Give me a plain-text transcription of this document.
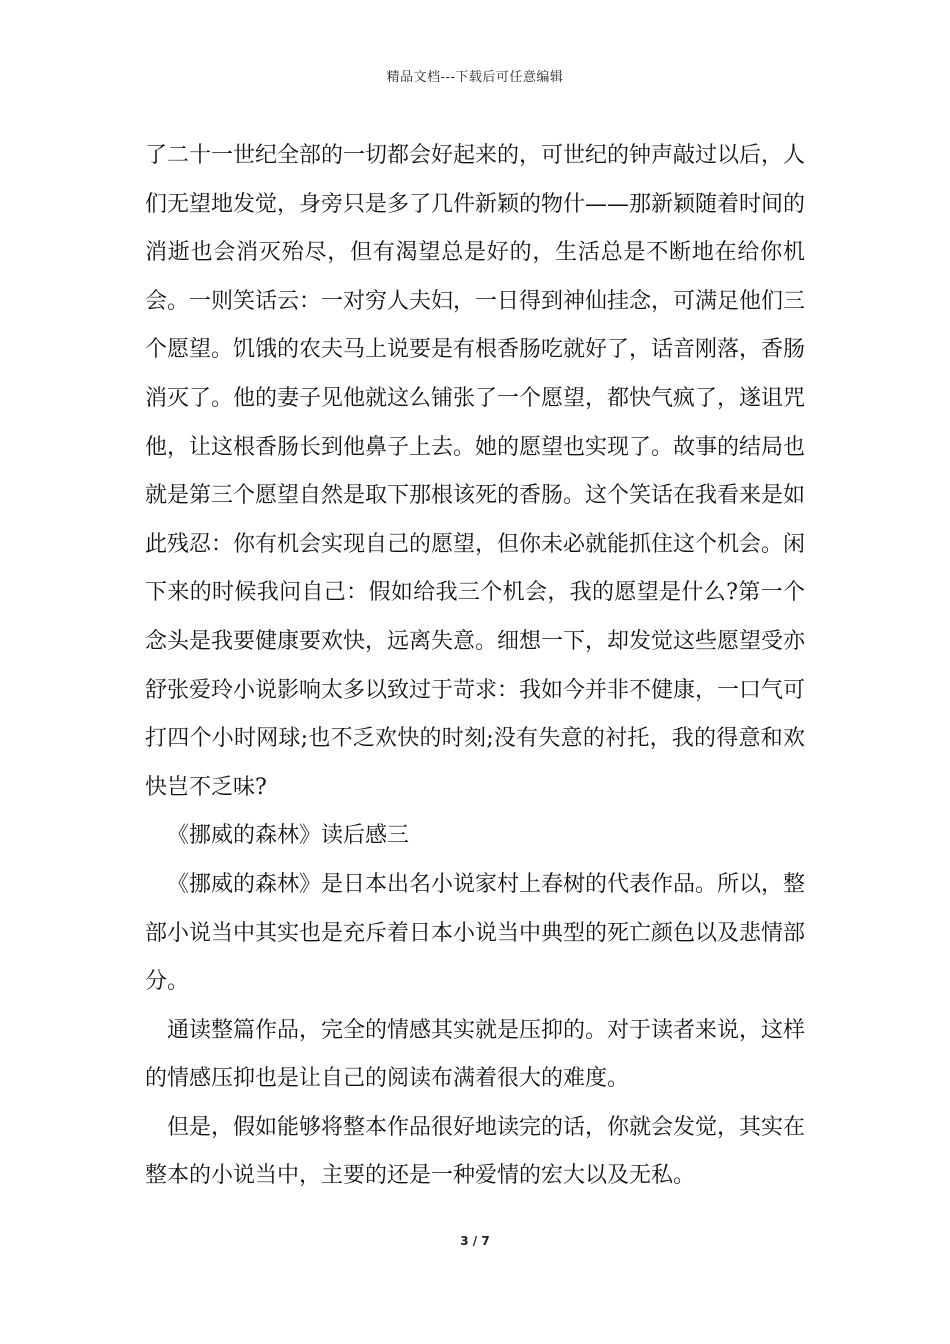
精品文档---下载后可任意编辑

了二十一世纪全部的一切都会好起来的，可世纪的钟声敲过以后，人们无望地发觉，身旁只是多了几件新颖的物什——那新颖随着时间的消逝也会消灭殆尽，但有渴望总是好的，生活总是不断地在给你机会。一则笑话云：一对穷人夫妇，一日得到神仙挂念，可满足他们三个愿望。饥饿的农夫马上说要是有根香肠吃就好了，话音刚落，香肠消灭了。他的妻子见他就这么铺张了一个愿望，都快气疯了，遂诅咒他，让这根香肠长到他鼻子上去。她的愿望也实现了。故事的结局也就是第三个愿望自然是取下那根该死的香肠。这个笑话在我看来是如此残忍：你有机会实现自己的愿望，但你未必就能抓住这个机会。闲下来的时候我问自己：假如给我三个机会，我的愿望是什么?第一个念头是我要健康要欢快，远离失意。细想一下，却发觉这些愿望受亦舒张爱玲小说影响太多以致过于苛求：我如今并非不健康，一口气可打四个小时网球;也不乏欢快的时刻;没有失意的衬托，我的得意和欢快岂不乏味?

《挪威的森林》读后感三

《挪威的森林》是日本出名小说家村上春树的代表作品。所以，整部小说当中其实也是充斥着日本小说当中典型的死亡颜色以及悲情部分。

通读整篇作品，完全的情感其实就是压抑的。对于读者来说，这样的情感压抑也是让自己的阅读布满着很大的难度。

但是，假如能够将整本作品很好地读完的话，你就会发觉，其实在整本的小说当中，主要的还是一种爱情的宏大以及无私。

3 / 7
